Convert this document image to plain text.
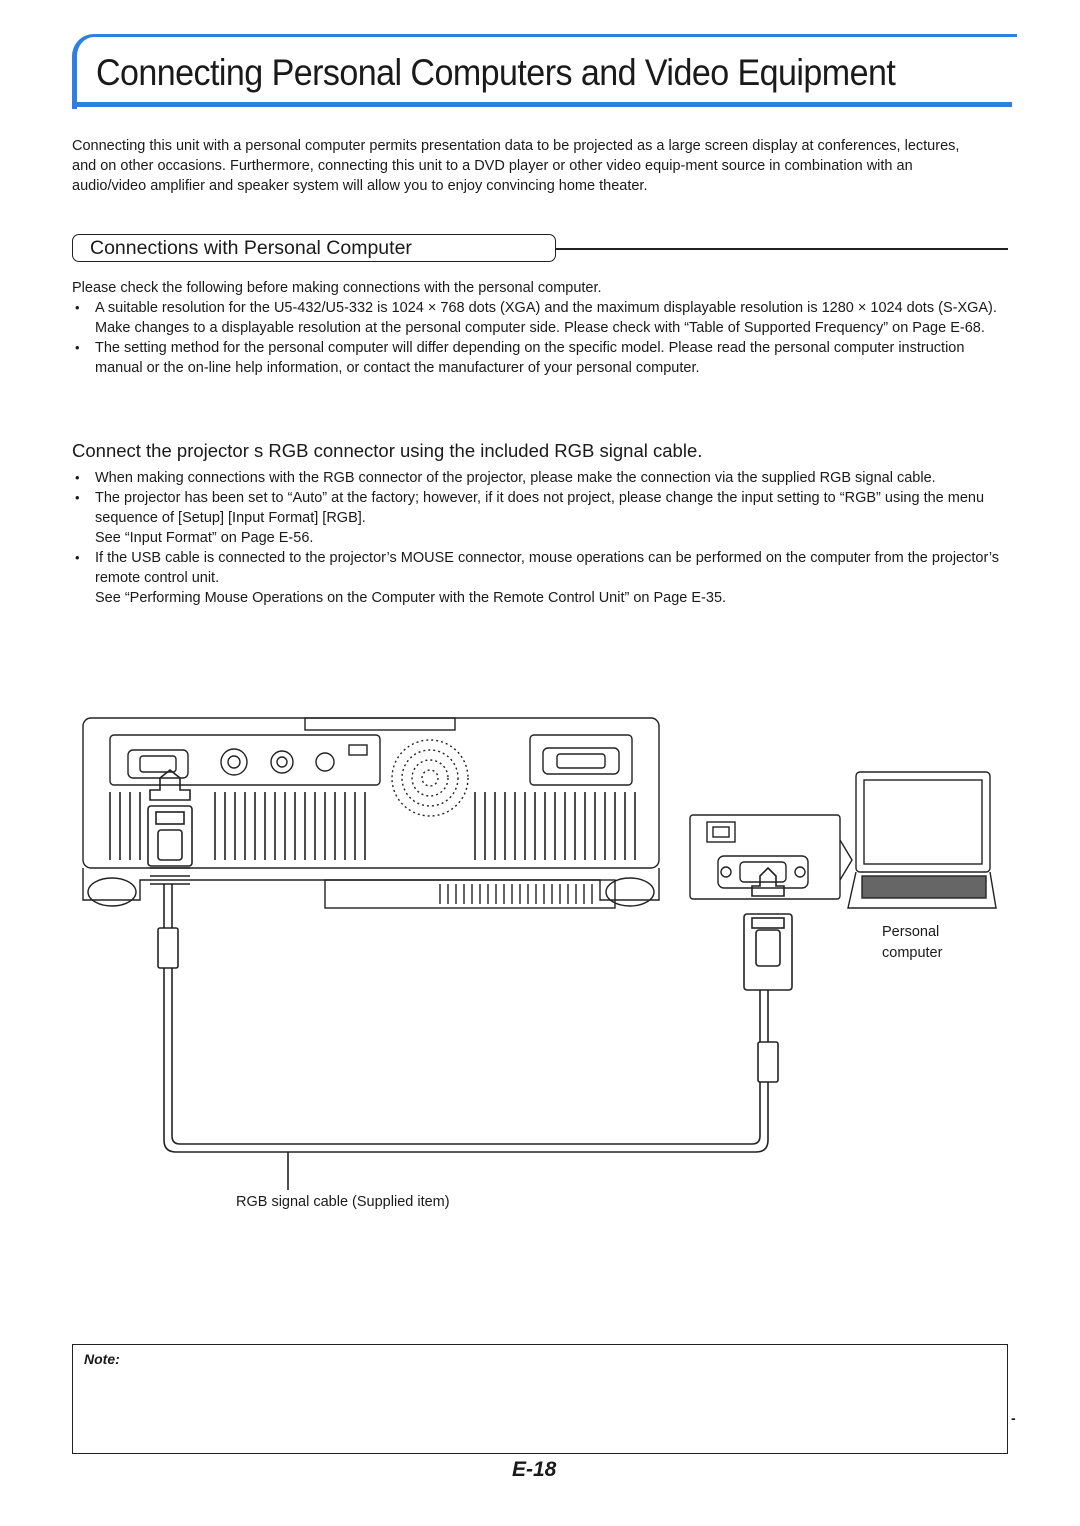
Connecting Personal Computers and Video Equipment

Connecting this unit with a personal computer permits presentation data to be projected as a large screen display at conferences, lectures, and on other occasions. Furthermore, connecting this unit to a DVD player or other video equip-ment source in combination with an audio/video amplifier and speaker system will allow you to enjoy convincing home theater.

Connections with Personal Computer

Please check the following before making connections with the personal computer.

• A suitable resolution for the U5-432/U5-332 is 1024 × 768 dots (XGA) and the maximum displayable resolution is 1280 × 1024 dots (S-XGA).
Make changes to a displayable resolution at the personal computer side. Please check with “Table of Supported Frequency” on Page E-68.
• The setting method for the personal computer will differ depending on the specific model. Please read the personal computer instruction manual or the on-line help information, or contact the manufacturer of your personal computer.
Connect the projector s RGB connector using the included RGB signal cable.
• When making connections with the RGB connector of the projector, please make the connection via the supplied RGB signal cable.
• The projector has been set to “Auto” at the factory; however, if it does not project, please change the input setting to “RGB” using the menu sequence of [Setup] [Input Format] [RGB].
See “Input Format” on Page E-56.
• If the USB cable is connected to the projector’s MOUSE connector, mouse operations can be performed on the computer from the projector’s remote control unit.
See “Performing Mouse Operations on the Computer with the Remote Control Unit” on Page E-35.
Personal
computer
RGB signal cable (Supplied item)

Note:

-

E-18
